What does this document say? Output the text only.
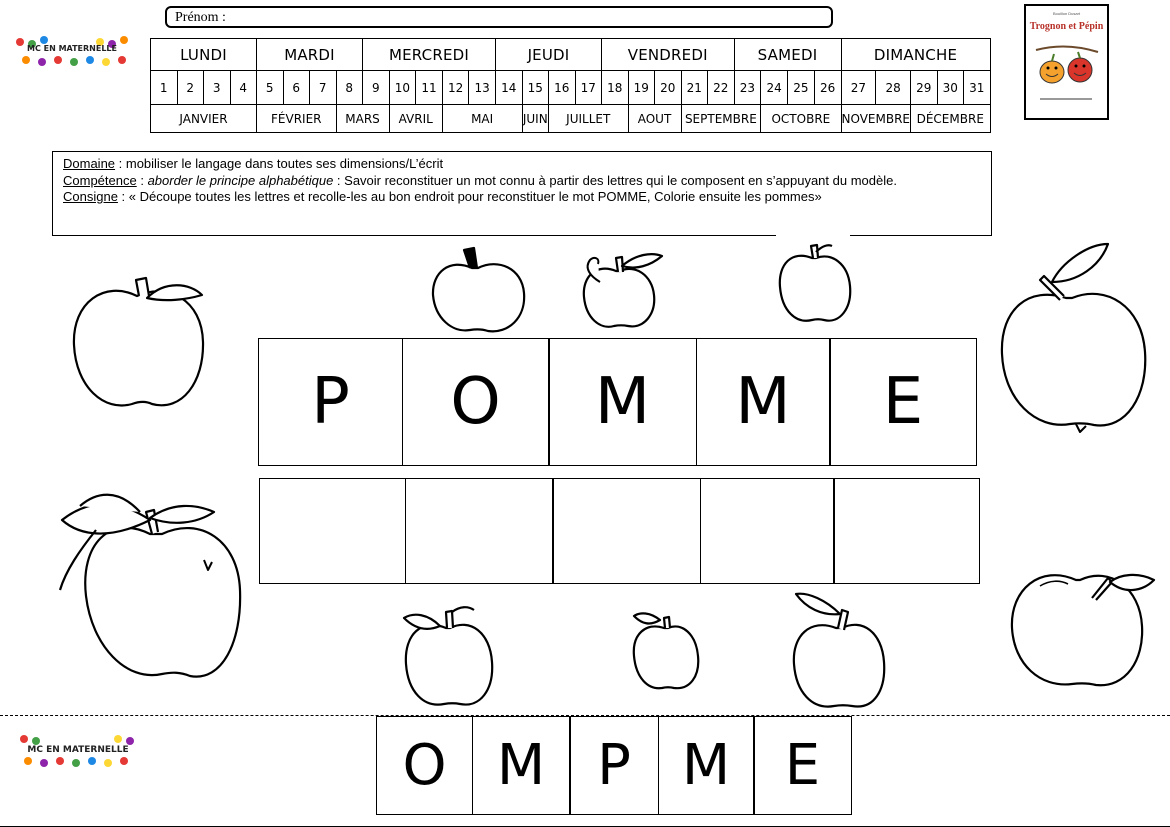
MC EN MATERNELLE
MC EN MATERNELLE
Prénom :
LUNDI				MARDI				MERCREDI					JEUDI				VENDREDI					SAMEDI				DIMANCHE				
1	2	3	4	5	6	7	8	9	10	11	12	13	14	15	16	17	18	19	20	21	22	23	24	25	26	27	28	29	30	31
JANVIER				FÉVRIER			MARS		AVRIL		MAI			JUIN	JUILLET			AOUT		SEPTEMBRE			OCTOBRE			NOVEMBRE		DÉCEMBRE		
Bouillon Dusart
Trognon et Pépin
Domaine : mobiliser le langage dans toutes ses dimensions/L’écrit
Compétence : aborder le principe alphabétique : Savoir reconstituer un mot connu à partir des lettres qui le composent en s’appuyant du modèle.
Consigne : « Découpe toutes les lettres et recolle-les au bon endroit pour reconstituer le mot POMME, Colorie ensuite les pommes»
P	O	M	M	E
O M P M E
